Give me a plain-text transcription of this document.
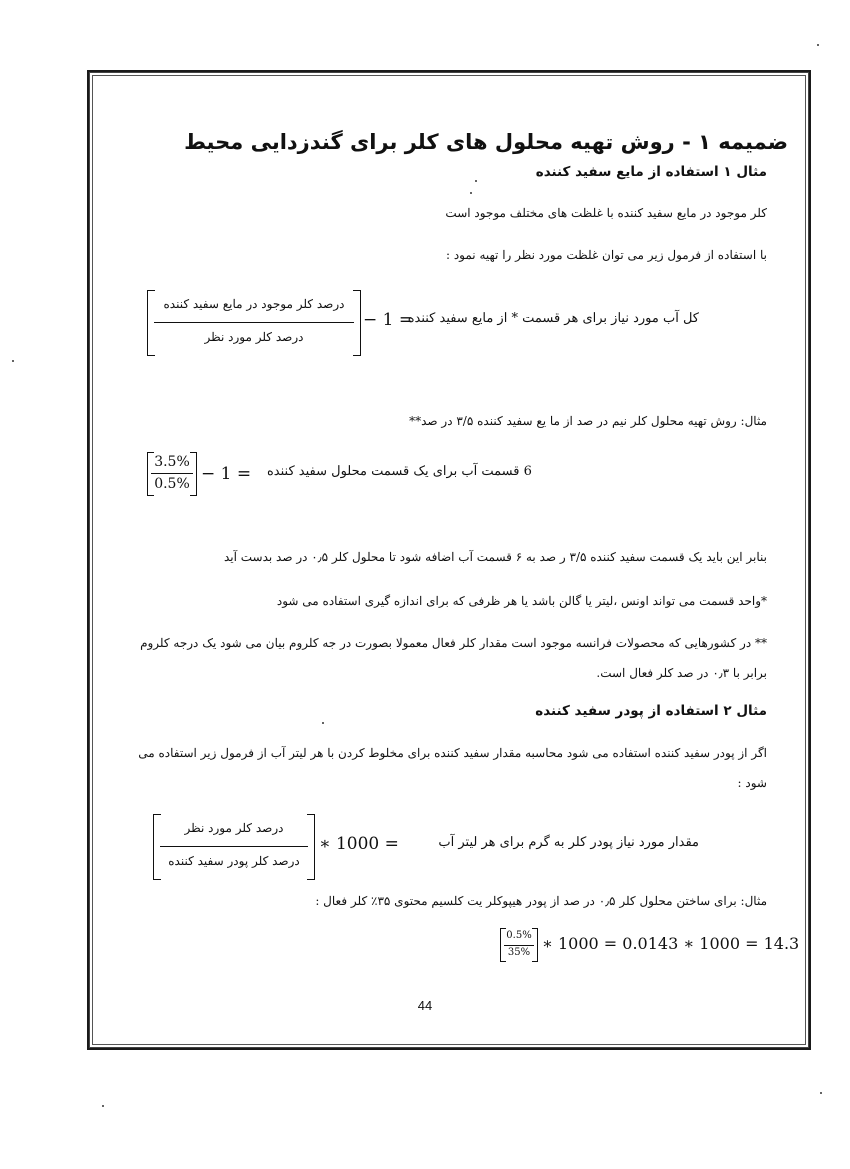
ضمیمه ۱ - روش تهیه محلول های کلر برای گندزدایی محیط
مثال ۱ استفاده از مایع سفید کننده
کلر موجود در مایع سفید کننده با غلظت های مختلف موجود است
با استفاده از فرمول زیر می توان غلظت مورد نظر را تهیه نمود :
درصد کلر موجود در مایع سفید کننده
درصد کلر مورد نظر
− 1 =
کل آب مورد نیاز برای هر قسمت * از مایع سفید کننده
مثال: روش تهیه محلول کلر نیم در صد از ما یع سفید کننده ۳/۵ در صد**
3.5%
0.5% − 1 = 6 قسمت آب برای یک قسمت محلول سفید کننده
بنابر این باید یک قسمت سفید کننده ۳/۵ ر صد به ۶ قسمت آب اضافه شود تا محلول کلر ۰٫۵ در صد بدست آید
*واحد قسمت می تواند اونس ،لیتر یا گالن باشد یا هر ظرفی که برای اندازه گیری استفاده می شود
** در کشورهایی که محصولات فرانسه موجود است مقدار کلر فعال معمولا بصورت در جه کلروم بیان می شود یک درجه کلروم برابر با ۰٫۳ در صد کلر فعال است.
مثال ۲ استفاده از پودر سفید کننده
اگر از پودر سفید کننده استفاده می شود محاسبه مقدار سفید کننده برای مخلوط کردن با هر لیتر آب از فرمول زیر استفاده می شود :
درصد کلر مورد نظر
درصد کلر پودر سفید کننده
∗ 1000 =	مقدار مورد نیاز پودر کلر به گرم برای هر لیتر آب
مثال: برای ساختن محلول کلر ۰٫۵ در صد از پودر هیپوکلر یت کلسیم محتوی ۳۵٪ کلر فعال :
0.5%
35% ∗ 1000 = 0.0143 ∗ 1000 = 14.3
44
